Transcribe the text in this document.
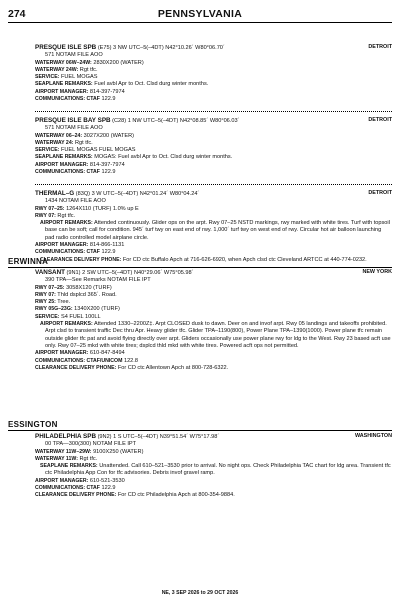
274	PENNSYLVANIA
PRESQUE ISLE SPB (E75) 3 NW UTC–5(–4DT) N42°10.26´ W80°06.70´	DETROIT
571 NOTAM FILE AOO
WATERWAY 06W–24W: 2830X200 (WATER)
WATERWAY 24W: Rgt tfc.
SERVICE: FUEL MOGAS
SEAPLANE REMARKS: Fuel avbl Apr to Oct. Clsd durg winter months.
AIRPORT MANAGER: 814-397-7974
COMMUNICATIONS: CTAF 122.9
PRESQUE ISLE BAY SPB (C28) 1 NW UTC–5(–4DT) N42°08.85´ W80°06.03´	DETROIT
571 NOTAM FILE AOO
WATERWAY 06–24: 3027X200 (WATER)
WATERWAY 24: Rgt tfc.
SERVICE: FUEL MOGAS FUEL MOGAS
SEAPLANE REMARKS: MOGAS: Fuel avbl Apr to Oct. Clsd durg winter months.
AIRPORT MANAGER: 814-397-7974
COMMUNICATIONS: CTAF 122.9
THERMAL–G (83Q) 3 W UTC–5(–4DT) N42°01.24´ W80°04.24´	DETROIT
1434 NOTAM FILE AOO
RWY 07–25: 1264X110 (TURF) 1.0% up E
RWY 07: Rgt tfc.
AIRPORT REMARKS: Attended continuously. Glider ops on the arpt. Rwy 07–25 NSTD markings, rwy marked with white tires. Turf with topsoil base can be soft; call for condition. 945´ turf twy on east end of rwy. 1,000´ turf twy on west end of rwy. Circular hot air balloon launching pad radio controlled model airplane circle.
AIRPORT MANAGER: 814-866-1131
COMMUNICATIONS: CTAF 122.9
CLEARANCE DELIVERY PHONE: For CD ctc Buffalo Apch at 716-626-6920, when Apch clsd ctc Cleveland ARTCC at 440-774-0232.
ERWINNA
VANSANT (9N1) 2 SW UTC–5(–4DT) N40°29.06´ W75°05.98´	NEW YORK
390 TPA—See Remarks NOTAM FILE IPT
RWY 07–25: 3058X120 (TURF)
RWY 07: Thld dsplcd 365´. Road.
RWY 25: Tree.
RWY 05G–23G: 1340X200 (TURF)
SERVICE: S4 FUEL 100LL
AIRPORT REMARKS: Attended 1330–2200Z‡. Arpt CLOSED dusk to dawn. Deer on and invof arpt. Rwy 05 landings and takeoffs prohibited. Arpt clsd to transient traffic Dec thru Apr. Heavy glider tfc. Glider TPA–1190(800), Power Plane TPA–1390(1000). Power plane tfc remain outside glider tfc pat and avoid flying directly over arpt. Gliders occasionally use power plane rwy for ldg to the West. Rwy 23 based acft use only. Rwy 07–25 mkd with white tires; dsplcd thld mkd with white tires. Powered acft ops not permitted.
AIRPORT MANAGER: 610-847-8494
COMMUNICATIONS: CTAF/UNICOM 122.8
CLEARANCE DELIVERY PHONE: For CD ctc Allentown Apch at 800-728-6322.
ESSINGTON
PHILADELPHIA SPB (9N2) 1 S UTC–5(–4DT) N39°51.54´ W75°17.98´	WASHINGTON
00 TPA—300(300) NOTAM FILE IPT
WATERWAY 11W–29W: 9100X250 (WATER)
WATERWAY 11W: Rgt tfc.
SEAPLANE REMARKS: Unattended. Call 610–521–3530 prior to arrival. No night ops. Check Philadelphia TAC chart for ldg area. Transient tfc ctc Philadelphia App Con for tfc advisories. Debris invof gravel ramp.
AIRPORT MANAGER: 610-521-3530
COMMUNICATIONS: CTAF 122.9
CLEARANCE DELIVERY PHONE: For CD ctc Philadelphia Apch at 800-354-9884.
NE, 3 SEP 2026 to 29 OCT 2026
